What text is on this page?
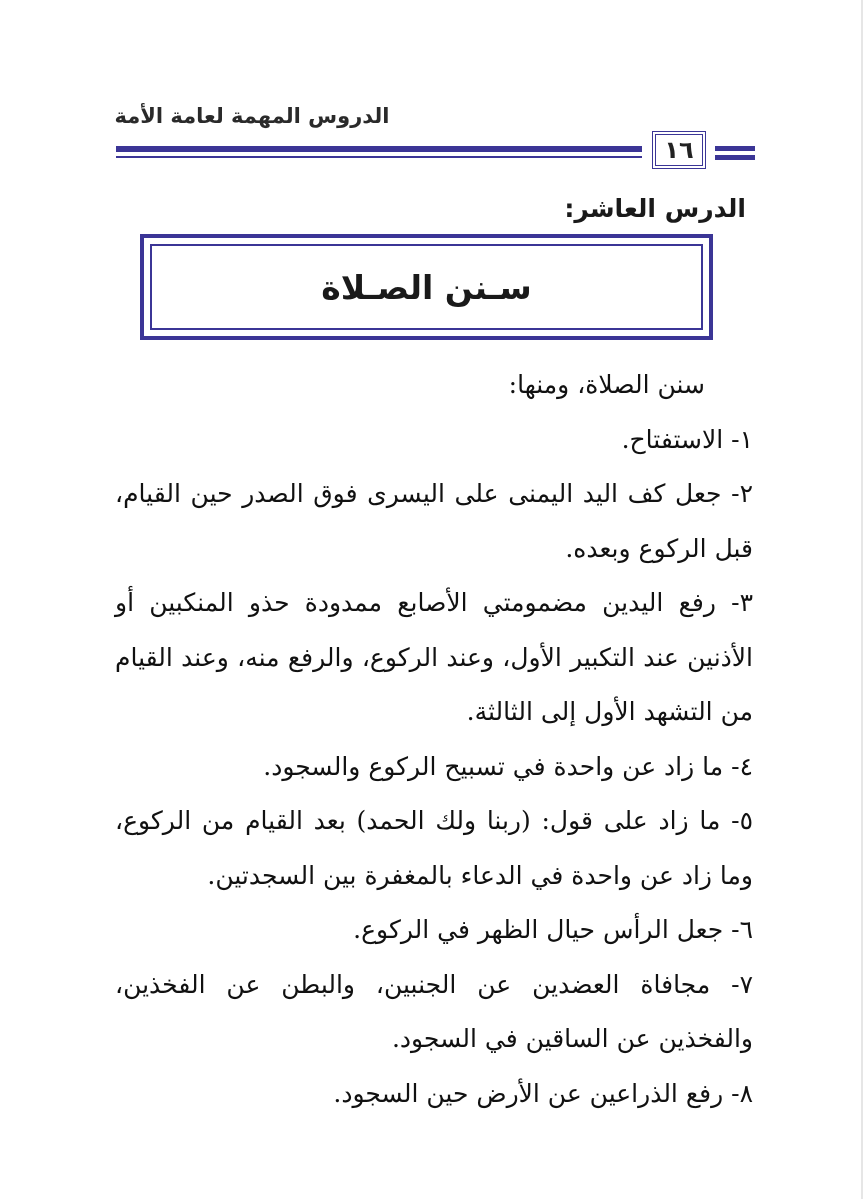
الدروس المهمة لعامة الأمة
١٦
الدرس العاشر:
سـنن الصـلاة

سنن الصلاة، ومنها:

١- الاستفتاح.

٢- جعل كف اليد اليمنى على اليسرى فوق الصدر حين القيام، قبل الركوع وبعده.

٣- رفع اليدين مضمومتي الأصابع ممدودة حذو المنكبين أو الأذنين عند التكبير الأول، وعند الركوع، والرفع منه، وعند القيام من التشهد الأول إلى الثالثة.

٤- ما زاد عن واحدة في تسبيح الركوع والسجود.

٥- ما زاد على قول: (ربنا ولك الحمد) بعد القيام من الركوع، وما زاد عن واحدة في الدعاء بالمغفرة بين السجدتين.

٦- جعل الرأس حيال الظهر في الركوع.

٧- مجافاة العضدين عن الجنبين، والبطن عن الفخذين، والفخذين عن الساقين في السجود.

٨- رفع الذراعين عن الأرض حين السجود.
